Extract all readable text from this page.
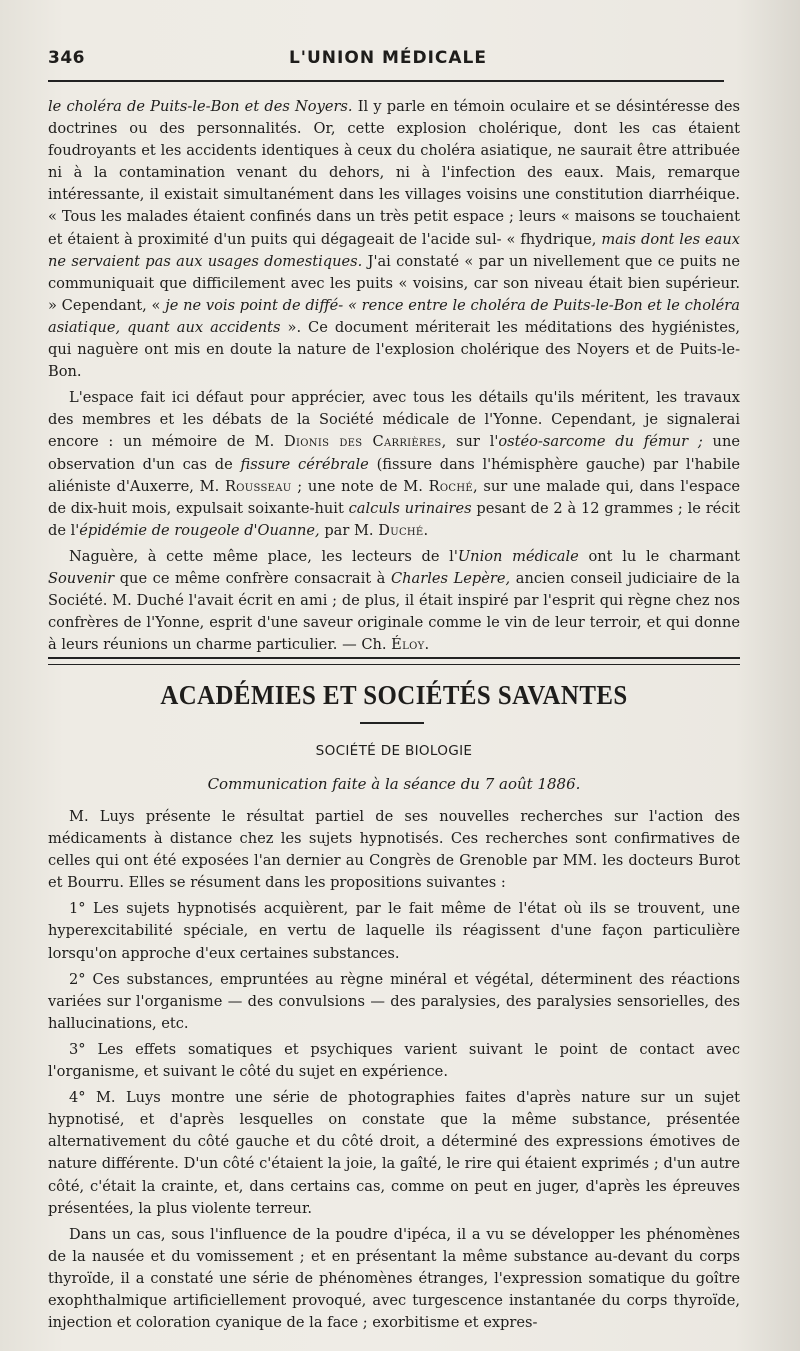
346	L'UNION MÉDICALE

le choléra de Puits-le-Bon et des Noyers. Il y parle en témoin oculaire et se désintéresse des doctrines ou des personnalités. Or, cette explosion cholérique, dont les cas étaient foudroyants et les accidents identiques à ceux du choléra asiatique, ne saurait être attribuée ni à la contamination venant du dehors, ni à l'infection des eaux. Mais, remarque intéressante, il existait simultanément dans les villages voisins une constitution diarrhéique. « Tous les malades étaient confinés dans un très petit espace ; leurs « maisons se touchaient et étaient à proximité d'un puits qui dégageait de l'acide sul- « fhydrique, mais dont les eaux ne servaient pas aux usages domestiques. J'ai constaté « par un nivellement que ce puits ne communiquait que difficilement avec les puits « voisins, car son niveau était bien supérieur. » Cependant, « je ne vois point de diffé- « rence entre le choléra de Puits-le-Bon et le choléra asiatique, quant aux accidents ». Ce document mériterait les méditations des hygiénistes, qui naguère ont mis en doute la nature de l'explosion cholérique des Noyers et de Puits-le-Bon.

L'espace fait ici défaut pour apprécier, avec tous les détails qu'ils méritent, les travaux des membres et les débats de la Société médicale de l'Yonne. Cependant, je signalerai encore : un mémoire de M. Dionis des Carrières, sur l'ostéo-sarcome du fémur ; une observation d'un cas de fissure cérébrale (fissure dans l'hémisphère gauche) par l'habile aliéniste d'Auxerre, M. Rousseau ; une note de M. Roché, sur une malade qui, dans l'espace de dix-huit mois, expulsait soixante-huit calculs urinaires pesant de 2 à 12 grammes ; le récit de l'épidémie de rougeole d'Ouanne, par M. Duché.

Naguère, à cette même place, les lecteurs de l'Union médicale ont lu le charmant Souvenir que ce même confrère consacrait à Charles Lepère, ancien conseil judiciaire de la Société. M. Duché l'avait écrit en ami ; de plus, il était inspiré par l'esprit qui règne chez nos confrères de l'Yonne, esprit d'une saveur originale comme le vin de leur terroir, et qui donne à leurs réunions un charme particulier. — Ch. Éloy.

ACADÉMIES ET SOCIÉTÉS SAVANTES
SOCIÉTÉ DE BIOLOGIE
Communication faite à la séance du 7 août 1886.

M. Luys présente le résultat partiel de ses nouvelles recherches sur l'action des médicaments à distance chez les sujets hypnotisés. Ces recherches sont confirmatives de celles qui ont été exposées l'an dernier au Congrès de Grenoble par MM. les docteurs Burot et Bourru. Elles se résument dans les propositions suivantes :

1° Les sujets hypnotisés acquièrent, par le fait même de l'état où ils se trouvent, une hyperexcitabilité spéciale, en vertu de laquelle ils réagissent d'une façon particulière lorsqu'on approche d'eux certaines substances.

2° Ces substances, empruntées au règne minéral et végétal, déterminent des réactions variées sur l'organisme — des convulsions — des paralysies, des paralysies sensorielles, des hallucinations, etc.

3° Les effets somatiques et psychiques varient suivant le point de contact avec l'organisme, et suivant le côté du sujet en expérience.

4° M. Luys montre une série de photographies faites d'après nature sur un sujet hypnotisé, et d'après lesquelles on constate que la même substance, présentée alternativement du côté gauche et du côté droit, a déterminé des expressions émotives de nature différente. D'un côté c'étaient la joie, la gaîté, le rire qui étaient exprimés ; d'un autre côté, c'était la crainte, et, dans certains cas, comme on peut en juger, d'après les épreuves présentées, la plus violente terreur.

Dans un cas, sous l'influence de la poudre d'ipéca, il a vu se développer les phénomènes de la nausée et du vomissement ; et en présentant la même substance au-devant du corps thyroïde, il a constaté une série de phénomènes étranges, l'expression somatique du goître exophthalmique artificiellement provoqué, avec turgescence instantanée du corps thyroïde, injection et coloration cyanique de la face ; exorbitisme et expres-
